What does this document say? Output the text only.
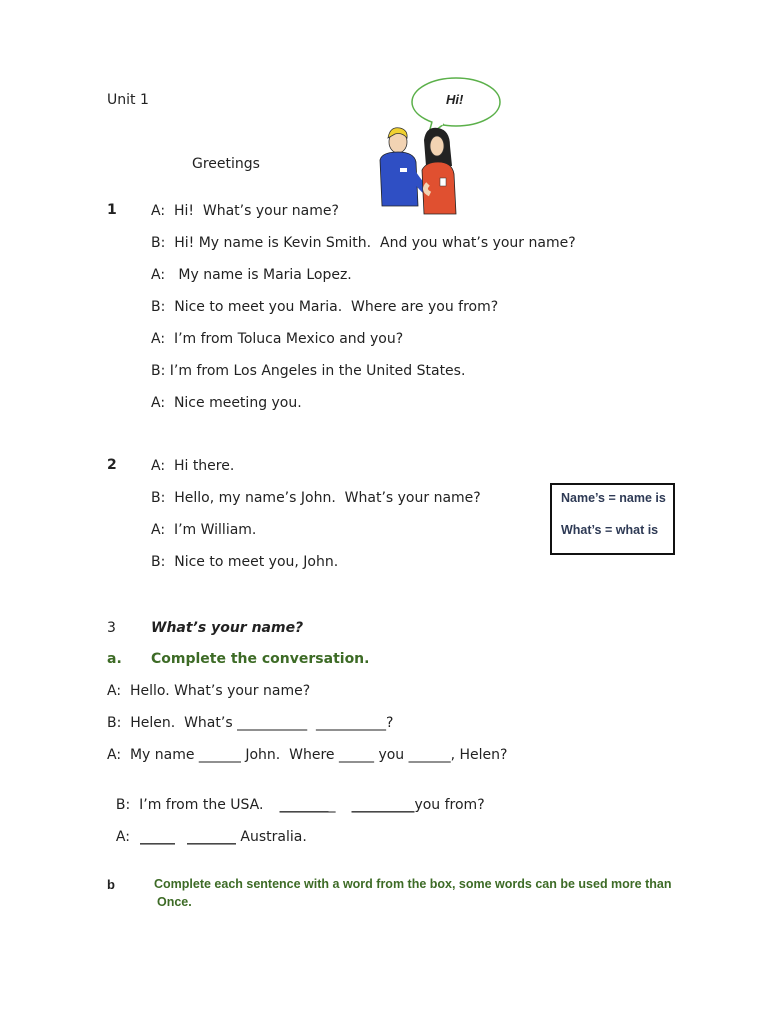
Unit 1
Greetings
Hi!
1 A:  Hi!  What’s your name?
B:  Hi! My name is Kevin Smith.  And you what’s your name?
A:   My name is Maria Lopez.
B:  Nice to meet you Maria.  Where are you from?
A:  I’m from Toluca Mexico and you?
B: I’m from Los Angeles in the United States.
A:  Nice meeting you.
2 A:  Hi there.
B:  Hello, my name’s John.  What’s your name?
A:  I’m William.
B:  Nice to meet you, John.
Name’s = name is
What’s = what is
3	What’s your name?
a. Complete the conversation.
A:  Hello. What’s your name?
B:  Helen.  What’s __________  __________?
A:  My name ______ John.  Where _____ you ______, Helen?

B:  I’m from the USA. ________ _________you from?

A: _____ _______ Australia.

b	Complete each sentence with a word from the box, some words can be used more than
Once.
